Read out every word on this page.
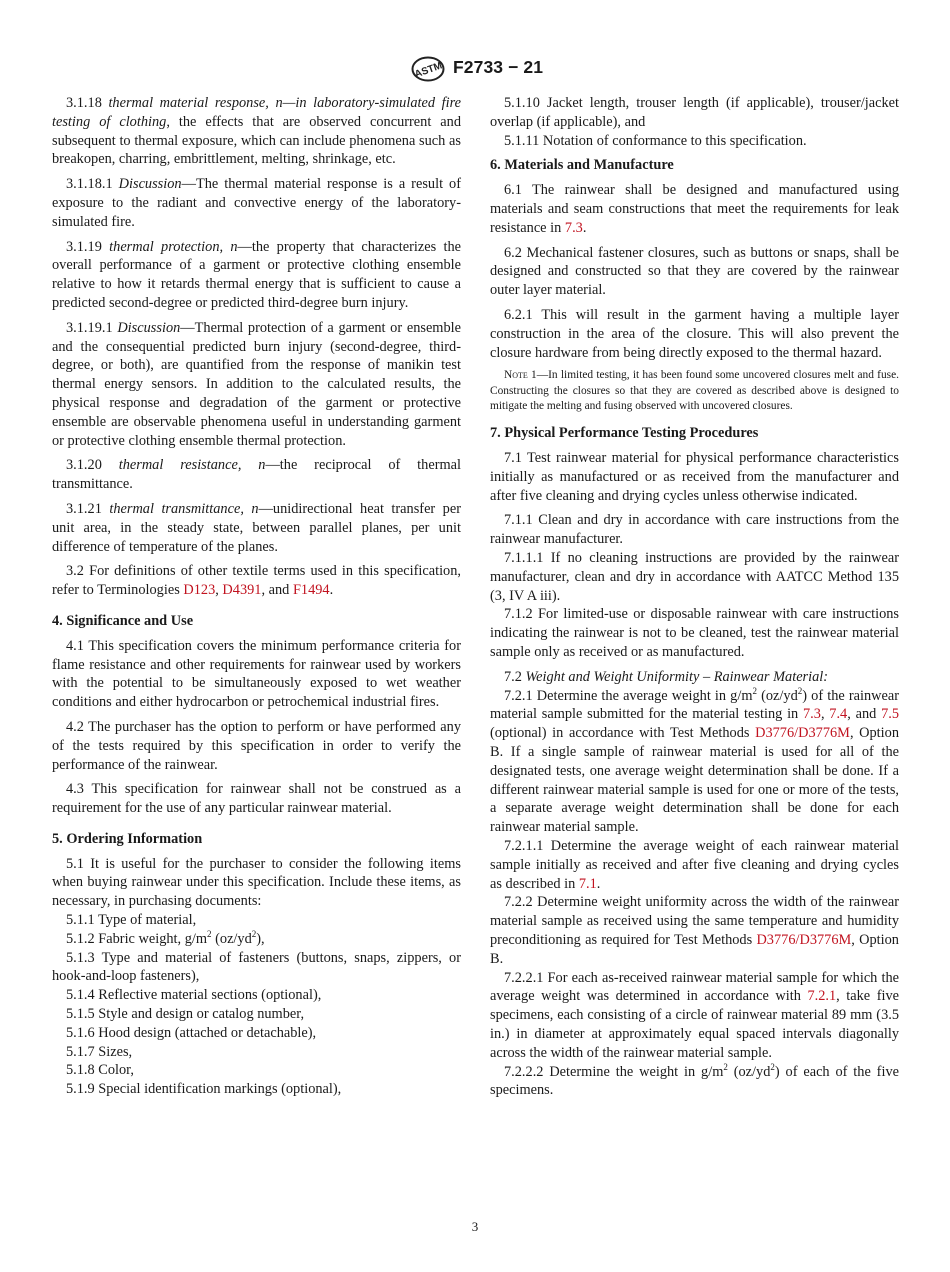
ASTM F2733 − 21

3.1.18 thermal material response, n—in laboratory-simulated fire testing of clothing, the effects that are observed concurrent and subsequent to thermal exposure, which can include phenomena such as breakopen, charring, embrittlement, melting, shrinkage, etc.

3.1.18.1 Discussion—The thermal material response is a result of exposure to the radiant and convective energy of the laboratory-simulated fire.

3.1.19 thermal protection, n—the property that characterizes the overall performance of a garment or protective clothing ensemble relative to how it retards thermal energy that is sufficient to cause a predicted second-degree or predicted third-degree burn injury.

3.1.19.1 Discussion—Thermal protection of a garment or ensemble and the consequential predicted burn injury (second-degree, third-degree, or both), are quantified from the response of manikin test thermal energy sensors. In addition to the calculated results, the physical response and degradation of the garment or protective ensemble are observable phenomena useful in understanding garment or protective clothing ensemble thermal protection.

3.1.20 thermal resistance, n—the reciprocal of thermal transmittance.

3.1.21 thermal transmittance, n—unidirectional heat transfer per unit area, in the steady state, between parallel planes, per unit difference of temperature of the planes.

3.2 For definitions of other textile terms used in this specification, refer to Terminologies D123, D4391, and F1494.

4. Significance and Use

4.1 This specification covers the minimum performance criteria for flame resistance and other requirements for rainwear used by workers with the potential to be simultaneously exposed to wet weather conditions and either hydrocarbon or petrochemical industrial fires.

4.2 The purchaser has the option to perform or have performed any of the tests required by this specification in order to verify the performance of the rainwear.

4.3 This specification for rainwear shall not be construed as a requirement for the use of any particular rainwear material.

5. Ordering Information

5.1 It is useful for the purchaser to consider the following items when buying rainwear under this specification. Include these items, as necessary, in purchasing documents:

5.1.1 Type of material,

5.1.2 Fabric weight, $g/m^2$ $(oz/yd^2)$,

5.1.3 Type and material of fasteners (buttons, snaps, zippers, or hook-and-loop fasteners),

5.1.4 Reflective material sections (optional),

5.1.5 Style and design or catalog number,

5.1.6 Hood design (attached or detachable),

5.1.7 Sizes,

5.1.8 Color,

5.1.9 Special identification markings (optional),

5.1.10 Jacket length, trouser length (if applicable), trouser/jacket overlap (if applicable), and

5.1.11 Notation of conformance to this specification.

6. Materials and Manufacture

6.1 The rainwear shall be designed and manufactured using materials and seam constructions that meet the requirements for leak resistance in 7.3.

6.2 Mechanical fastener closures, such as buttons or snaps, shall be designed and constructed so that they are covered by the rainwear outer layer material.

6.2.1 This will result in the garment having a multiple layer construction in the area of the closure. This will also prevent the closure hardware from being directly exposed to the thermal hazard.

Note 1—In limited testing, it has been found some uncovered closures melt and fuse. Constructing the closures so that they are covered as described above is designed to mitigate the melting and fusing observed with uncovered closures.
7. Physical Performance Testing Procedures

7.1 Test rainwear material for physical performance characteristics initially as manufactured or as received from the manufacturer and after five cleaning and drying cycles unless otherwise indicated.

7.1.1 Clean and dry in accordance with care instructions from the rainwear manufacturer.

7.1.1.1 If no cleaning instructions are provided by the rainwear manufacturer, clean and dry in accordance with AATCC Method 135 (3, IV A iii).

7.1.2 For limited-use or disposable rainwear with care instructions indicating the rainwear is not to be cleaned, test the rainwear material sample only as received or as manufactured.

7.2 Weight and Weight Uniformity – Rainwear Material:

7.2.1 Determine the average weight in $g/m^2$ $(oz/yd^2)$ of the rainwear material sample submitted for the material testing in 7.3, 7.4, and 7.5 (optional) in accordance with Test Methods D3776/D3776M, Option B. If a single sample of rainwear material is used for all of the designated tests, one average weight determination shall be done. If a different rainwear material sample is used for one or more of the tests, a separate average weight determination shall be done for each rainwear material sample.

7.2.1.1 Determine the average weight of each rainwear material sample initially as received and after five cleaning and drying cycles as described in 7.1.

7.2.2 Determine weight uniformity across the width of the rainwear material sample as received using the same temperature and humidity preconditioning as required for Test Methods D3776/D3776M, Option B.

7.2.2.1 For each as-received rainwear material sample for which the average weight was determined in accordance with 7.2.1, take five specimens, each consisting of a circle of rainwear material 89 mm (3.5 in.) in diameter at approximately equal spaced intervals diagonally across the width of the rainwear material sample.

7.2.2.2 Determine the weight in $g/m^2$ $(oz/yd^2)$ of each of the five specimens.

3
